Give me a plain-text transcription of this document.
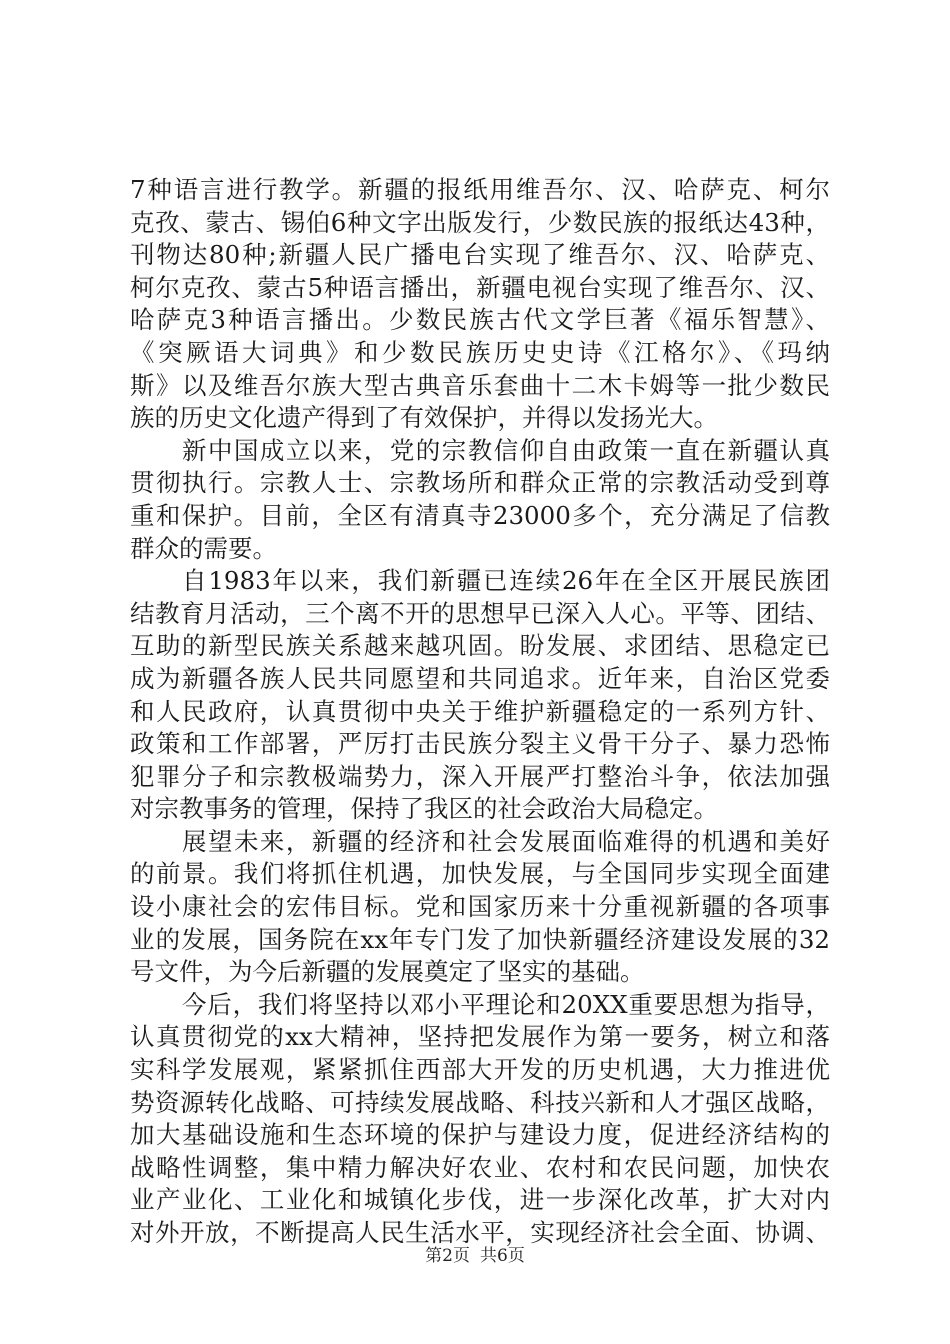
7种语言进行教学。新疆的报纸用维吾尔、汉、哈萨克、柯尔
克孜、蒙古、锡伯6种文字出版发行，少数民族的报纸达43种，
刊物达80种;新疆人民广播电台实现了维吾尔、汉、哈萨克、
柯尔克孜、蒙古5种语言播出，新疆电视台实现了维吾尔、汉、
哈萨克3种语言播出。少数民族古代文学巨著《福乐智慧》、
《突厥语大词典》和少数民族历史史诗《江格尔》、《玛纳
斯》以及维吾尔族大型古典音乐套曲十二木卡姆等一批少数民
族的历史文化遗产得到了有效保护，并得以发扬光大。
新中国成立以来，党的宗教信仰自由政策一直在新疆认真
贯彻执行。宗教人士、宗教场所和群众正常的宗教活动受到尊
重和保护。目前，全区有清真寺23000多个，充分满足了信教
群众的需要。
自1983年以来，我们新疆已连续26年在全区开展民族团
结教育月活动，三个离不开的思想早已深入人心。平等、团结、
互助的新型民族关系越来越巩固。盼发展、求团结、思稳定已
成为新疆各族人民共同愿望和共同追求。近年来，自治区党委
和人民政府，认真贯彻中央关于维护新疆稳定的一系列方针、
政策和工作部署，严厉打击民族分裂主义骨干分子、暴力恐怖
犯罪分子和宗教极端势力，深入开展严打整治斗争，依法加强
对宗教事务的管理，保持了我区的社会政治大局稳定。
展望未来，新疆的经济和社会发展面临难得的机遇和美好
的前景。我们将抓住机遇，加快发展，与全国同步实现全面建
设小康社会的宏伟目标。党和国家历来十分重视新疆的各项事
业的发展，国务院在xx年专门发了加快新疆经济建设发展的32
号文件，为今后新疆的发展奠定了坚实的基础。
今后，我们将坚持以邓小平理论和20XX重要思想为指导，
认真贯彻党的xx大精神，坚持把发展作为第一要务，树立和落
实科学发展观，紧紧抓住西部大开发的历史机遇，大力推进优
势资源转化战略、可持续发展战略、科技兴新和人才强区战略，
加大基础设施和生态环境的保护与建设力度，促进经济结构的
战略性调整，集中精力解决好农业、农村和农民问题，加快农
业产业化、工业化和城镇化步伐，进一步深化改革，扩大对内
对外开放，不断提高人民生活水平，实现经济社会全面、协调、
第2页 共6页
